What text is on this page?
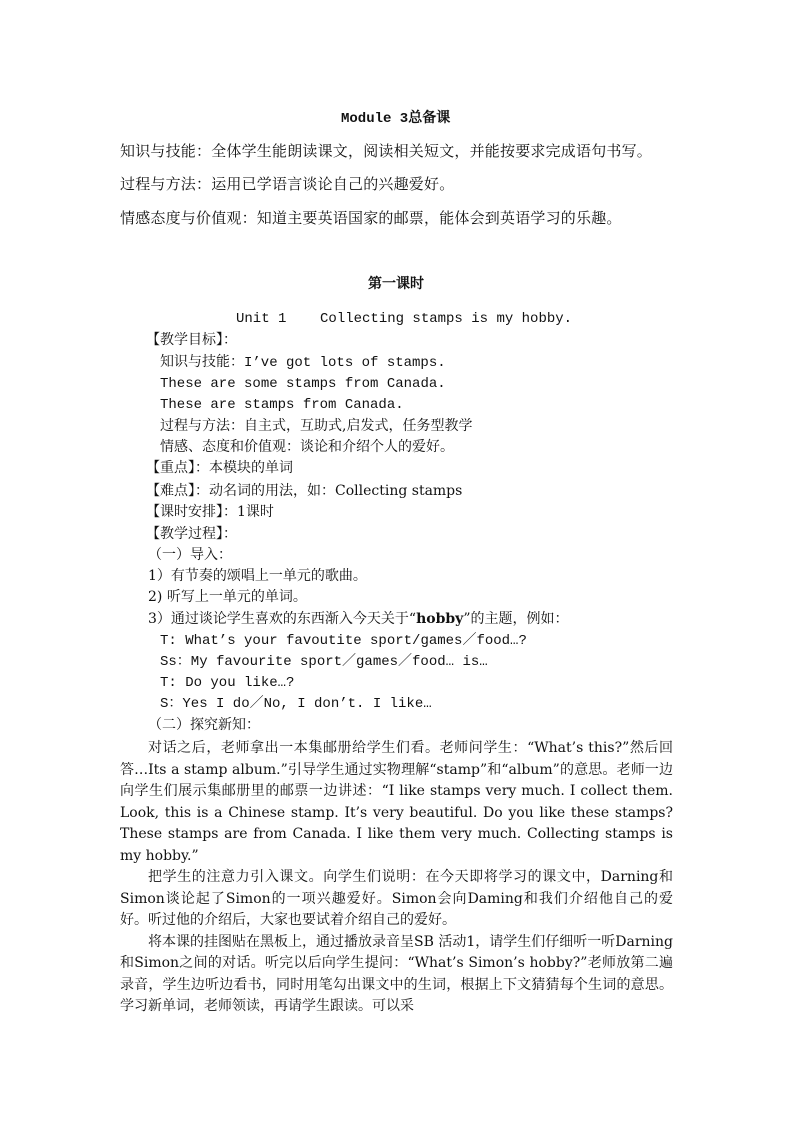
Module 3总备课
知识与技能：全体学生能朗读课文，阅读相关短文，并能按要求完成语句书写。
过程与方法：运用已学语言谈论自己的兴趣爱好。
情感态度与价值观：知道主要英语国家的邮票，能体会到英语学习的乐趣。
第一课时
Unit 1    Collecting stamps is my hobby.
【教学目标】：
知识与技能：I’ve got lots of stamps.
These are some stamps from Canada.
These are stamps from Canada.
过程与方法：自主式，互助式,启发式，任务型教学
情感、态度和价值观：谈论和介绍个人的爱好。
【重点】：本模块的单词
【难点】：动名词的用法，如：Collecting stamps
【课时安排】：1课时
【教学过程】：
（一）导入：
1）有节奏的颂唱上一单元的歌曲。
2) 听写上一单元的单词。
3）通过谈论学生喜欢的东西渐入今天关于“hobby”的主题，例如：
T: What’s your favoutite sport/games／food…?
Ss：My favourite sport／games／food… is…
T: Do you like…?
S：Yes I do／No, I don’t. I like…
（二）探究新知：

对话之后，老师拿出一本集邮册给学生们看。老师问学生：“What’s this?”然后回答…Its a stamp album.”引导学生通过实物理解“stamp”和“album”的意思。老师一边向学生们展示集邮册里的邮票一边讲述：“I like stamps very much. I collect them. Look, this is a Chinese stamp. It’s very beautiful. Do you like these stamps? These stamps are from Canada. I like them very much. Collecting stamps is my hobby.”

把学生的注意力引入课文。向学生们说明：在今天即将学习的课文中，Darning和Simon谈论起了Simon的一项兴趣爱好。Simon会向Daming和我们介绍他自己的爱好。听过他的介绍后，大家也要试着介绍自己的爱好。

将本课的挂图贴在黑板上，通过播放录音呈SB 活动1，请学生们仔细听一听Darning和Simon之间的对话。听完以后向学生提问：“What’s Simon’s hobby?”老师放第二遍录音，学生边听边看书，同时用笔勾出课文中的生词，根据上下文猜猜每个生词的意思。学习新单词，老师领读，再请学生跟读。可以采
